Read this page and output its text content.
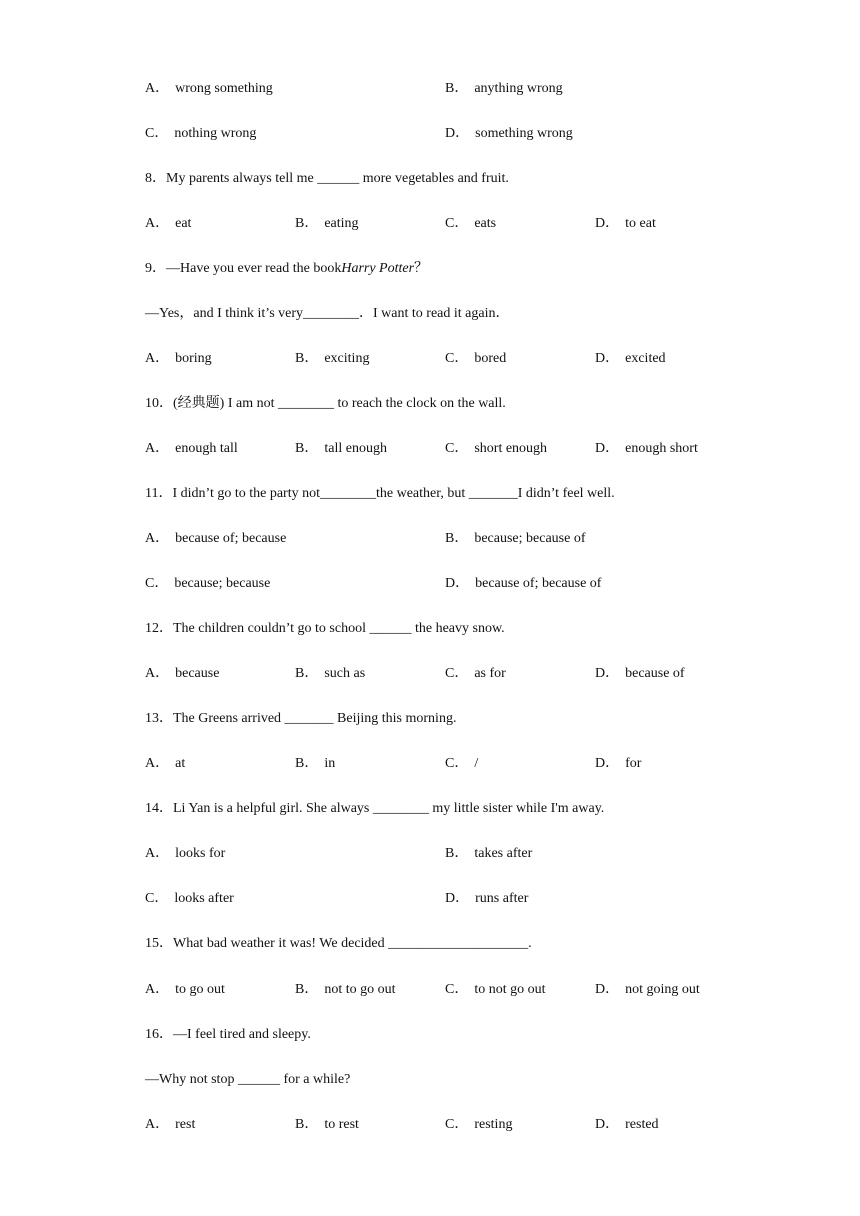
A． wrong something	B． anything wrong
C． nothing wrong	D． something wrong
8．My parents always tell me ______ more vegetables and fruit.
A． eat	B． eating	C． eats	D． to eat
9．—Have you ever read the bookHarry Potter？
—Yes，and I think it’s very________．I want to read it again．
A． boring	B． exciting	C． bored	D． excited
10．(经典题) I am not ________ to reach the clock on the wall.
A． enough tall	B． tall enough	C． short enough	D． enough short
11．I didn’t go to the party not________the weather, but _______I didn’t feel well.
A． because of; because	B． because; because of
C． because; because	D． because of; because of
12．The children couldn’t go to school ______ the heavy snow.
A． because	B． such as	C． as for	D． because of
13．The Greens arrived _______ Beijing this morning.
A． at	B． in	C． /	D． for
14．Li Yan is a helpful girl. She always ________ my little sister while I'm away.
A． looks for	B． takes after
C． looks after	D． runs after
15．What bad weather it was! We decided ____________________.
A． to go out	B． not to go out	C． to not go out	D． not going out
16．—I feel tired and sleepy.
—Why not stop ______ for a while?
A． rest	B． to rest	C． resting	D． rested
